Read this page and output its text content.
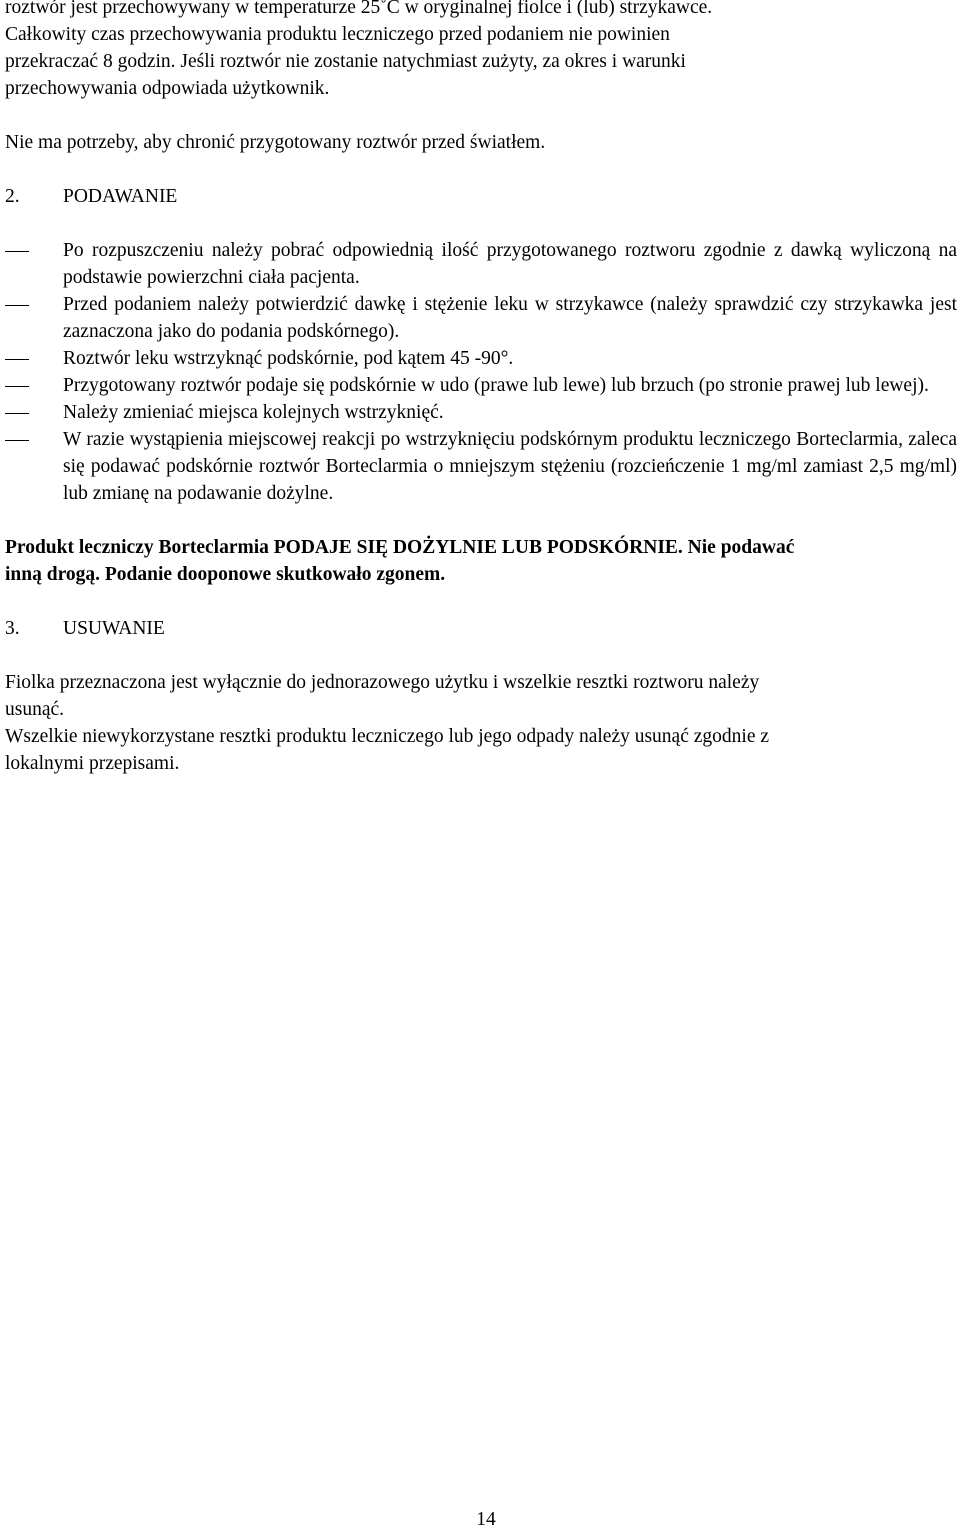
roztwór jest przechowywany w temperaturze 25˚C w oryginalnej fiolce i (lub) strzykawce.

Całkowity czas przechowywania produktu leczniczego przed podaniem nie powinien

przekraczać 8 godzin. Jeśli roztwór nie zostanie natychmiast zużyty, za okres i warunki

przechowywania odpowiada użytkownik.

Nie ma potrzeby, aby chronić przygotowany roztwór przed światłem.

2.	PODAWANIE
Po rozpuszczeniu należy pobrać odpowiednią ilość przygotowanego roztworu zgodnie z dawką wyliczoną na podstawie powierzchni ciała pacjenta.
Przed podaniem należy potwierdzić dawkę i stężenie leku w strzykawce (należy sprawdzić czy strzykawka jest zaznaczona jako do podania podskórnego).
Roztwór leku wstrzyknąć podskórnie, pod kątem 45 -90°.
Przygotowany roztwór podaje się podskórnie w udo (prawe lub lewe) lub brzuch (po stronie prawej lub lewej).
Należy zmieniać miejsca kolejnych wstrzyknięć.
W razie wystąpienia miejscowej reakcji po wstrzyknięciu podskórnym produktu leczniczego Borteclarmia, zaleca się podawać podskórnie roztwór Borteclarmia o mniejszym stężeniu (rozcieńczenie 1 mg/ml zamiast 2,5 mg/ml) lub zmianę na podawanie dożylne.

Produkt leczniczy Borteclarmia PODAJE SIĘ DOŻYLNIE LUB PODSKÓRNIE. Nie podawać
inną drogą. Podanie dooponowe skutkowało zgonem.

3.	USUWANIE

Fiolka przeznaczona jest wyłącznie do jednorazowego użytku i wszelkie resztki roztworu należy

usunąć.

Wszelkie niewykorzystane resztki produktu leczniczego lub jego odpady należy usunąć zgodnie z

lokalnymi przepisami.

14
